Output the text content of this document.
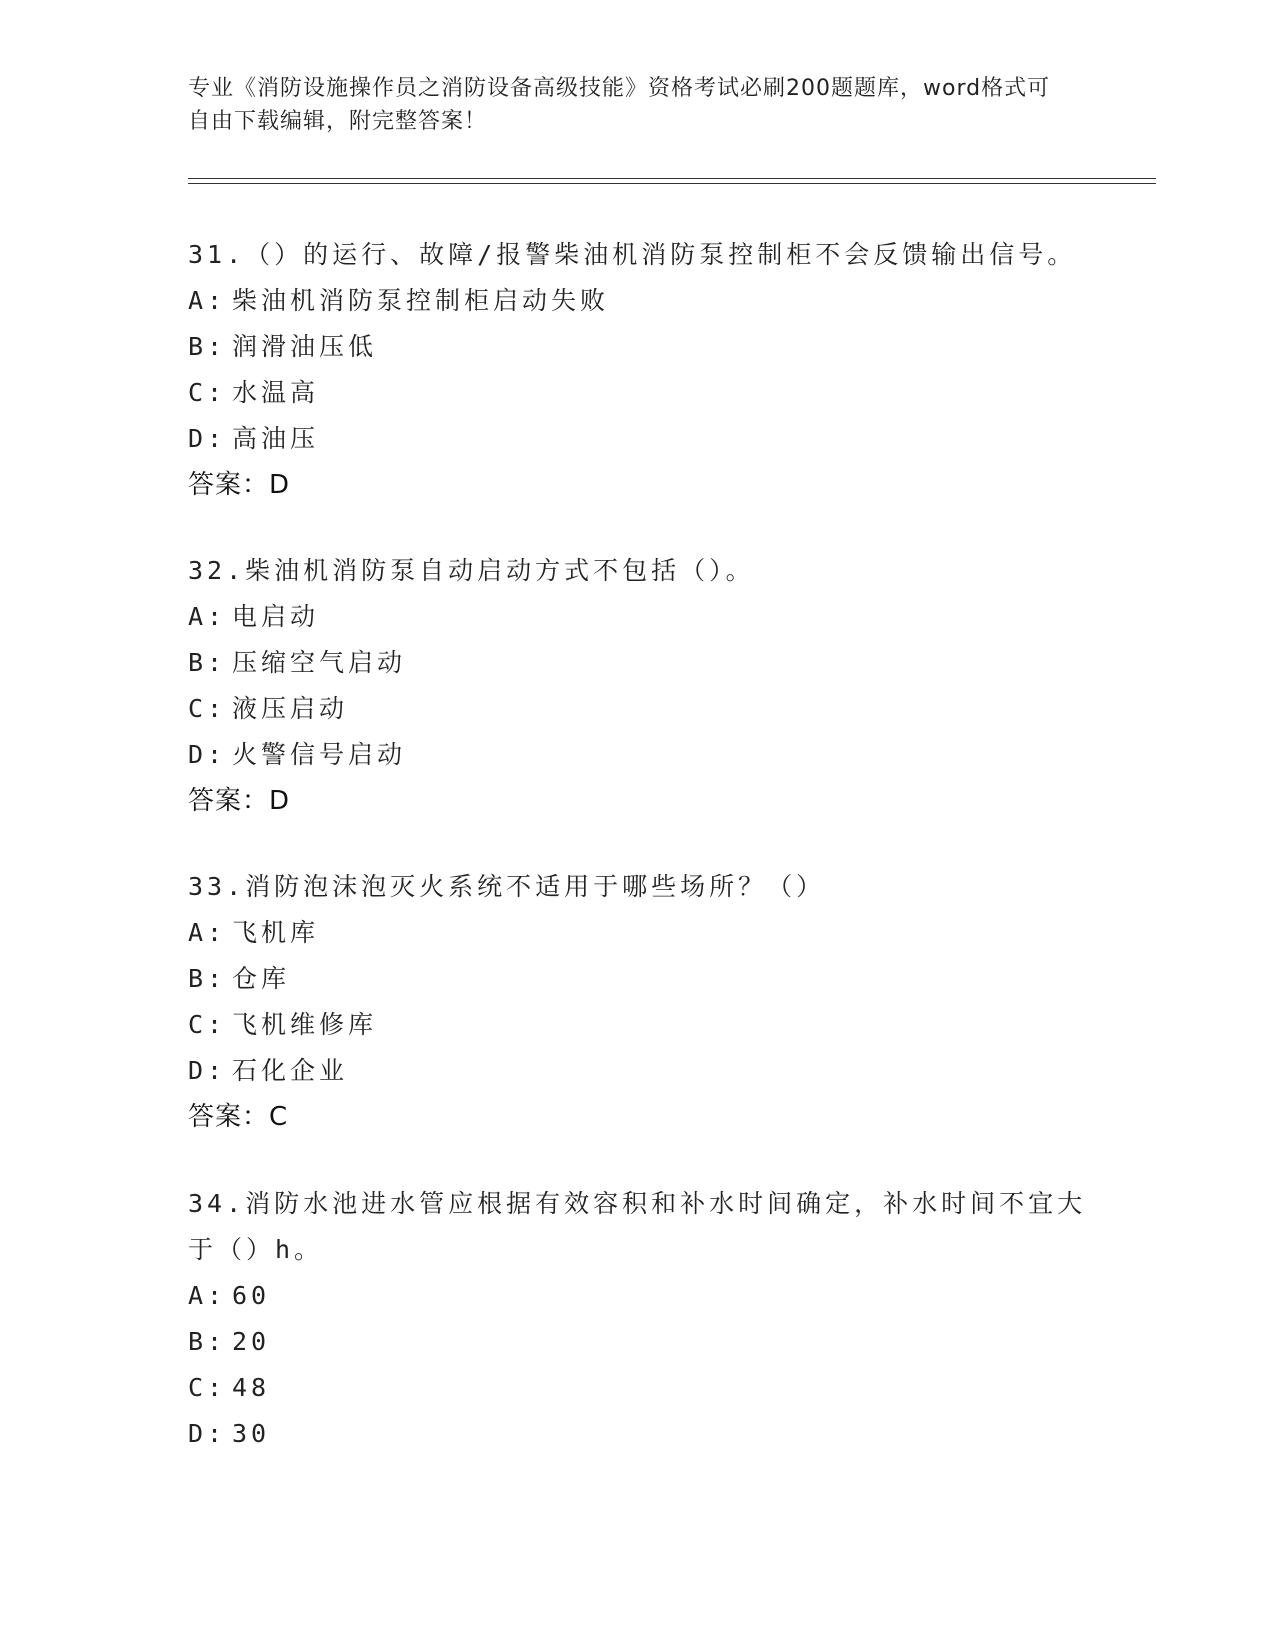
专业《消防设施操作员之消防设备高级技能》资格考试必刷200题题库，word格式可自由下载编辑，附完整答案！
31.（）的运行、故障/报警柴油机消防泵控制柜不会反馈输出信号。
A: 柴油机消防泵控制柜启动失败
B: 润滑油压低
C: 水温高
D: 高油压
答案：D
32.柴油机消防泵自动启动方式不包括（）。
A: 电启动
B: 压缩空气启动
C: 液压启动
D: 火警信号启动
答案：D
33.消防泡沫泡灭火系统不适用于哪些场所？（）
A: 飞机库
B: 仓库
C: 飞机维修库
D: 石化企业
答案：C
34.消防水池进水管应根据有效容积和补水时间确定，补水时间不宜大
于（）h。
A: 60
B: 20
C: 48
D: 30
